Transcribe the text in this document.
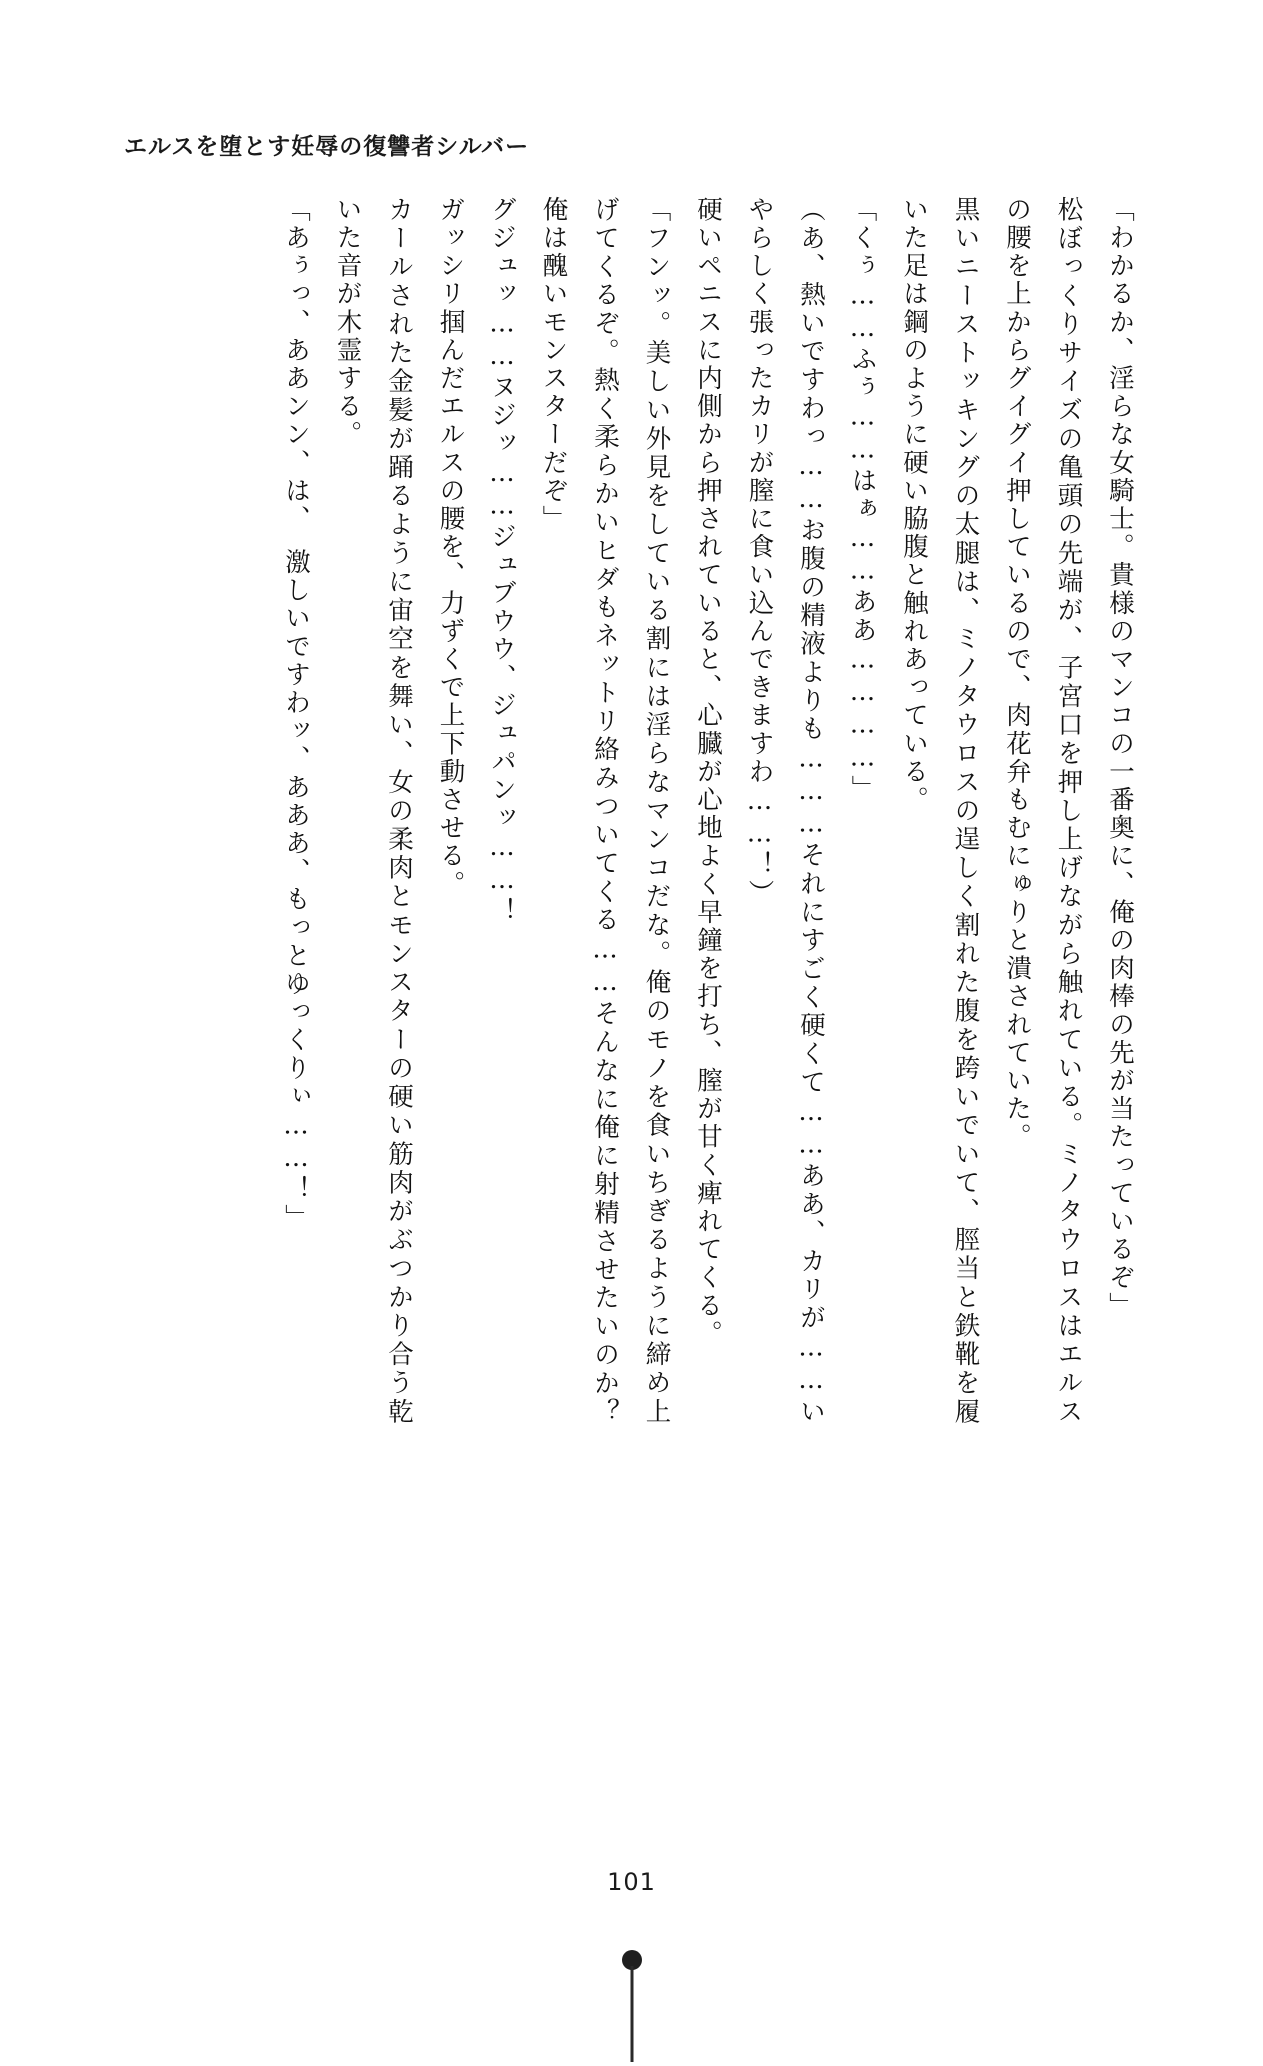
エルスを堕とす妊辱の復讐者シルバー

「わかるか、淫らな女騎士。貴様のマンコの一番奥に、俺の肉棒の先が当たっているぞ」

松ぼっくりサイズの亀頭の先端が、子宮口を押し上げながら触れている。ミノタウロスはエルスの腰を上からグイグイ押しているので、肉花弁もむにゅりと潰されていた。

黒いニーストッキングの太腿は、ミノタウロスの逞しく割れた腹を跨いでいて、脛当と鉄靴を履いた足は鋼のように硬い脇腹と触れあっている。

「くぅ……ふぅ……はぁ……ああ…………」

（あ、熱いですわっ……お腹の精液よりも………それにすごく硬くて……ああ、カリが……いやらしく張ったカリが膣に食い込んできますわ……！）

硬いペニスに内側から押されていると、心臓が心地よく早鐘を打ち、膣が甘く痺れてくる。

「フンッ。美しい外見をしている割には淫らなマンコだな。俺のモノを食いちぎるように締め上げてくるぞ。熱く柔らかいヒダもネットリ絡みついてくる……そんなに俺に射精させたいのか？　俺は醜いモンスターだぞ」

グジュッ……ヌジッ……ジュブウウ、ジュパンッ……！

ガッシリ掴んだエルスの腰を、力ずくで上下動させる。

カールされた金髪が踊るように宙空を舞い、女の柔肉とモンスターの硬い筋肉がぶつかり合う乾いた音が木霊する。

「あぅっ、ああンン、は、　激しいですわッ、あああ、もっとゆっくりぃ……！」

101
